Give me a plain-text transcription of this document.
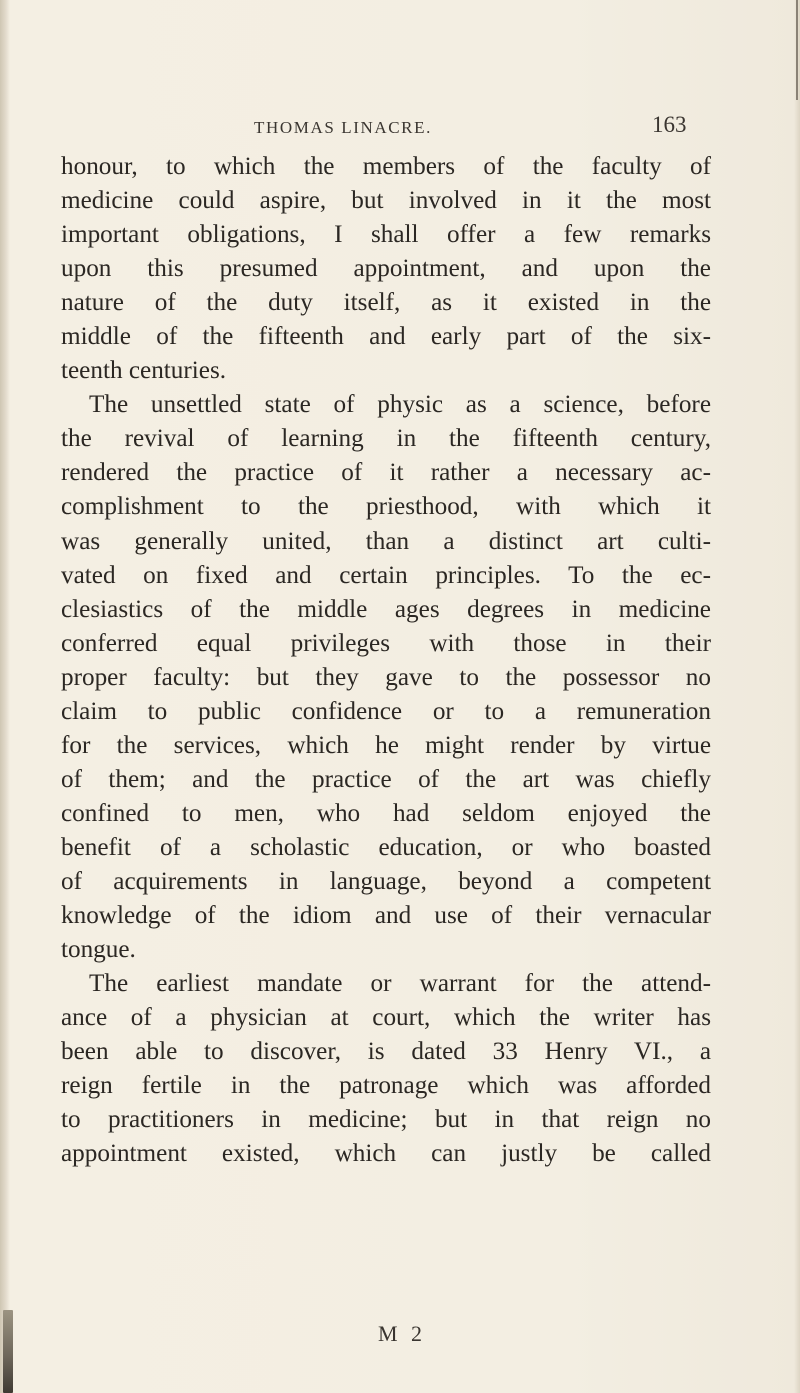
THOMAS LINACRE.	163
honour, to which the members of the faculty of
medicine could aspire, but involved in it the most
important obligations, I shall offer a few remarks
upon this presumed appointment, and upon the
nature of the duty itself, as it existed in the
middle of the fifteenth and early part of the six-
teenth centuries.
The unsettled state of physic as a science, before
the revival of learning in the fifteenth century,
rendered the practice of it rather a necessary ac-
complishment to the priesthood, with which it
was generally united, than a distinct art culti-
vated on fixed and certain principles. To the ec-
clesiastics of the middle ages degrees in medicine
conferred equal privileges with those in their
proper faculty: but they gave to the possessor no
claim to public confidence or to a remuneration
for the services, which he might render by virtue
of them; and the practice of the art was chiefly
confined to men, who had seldom enjoyed the
benefit of a scholastic education, or who boasted
of acquirements in language, beyond a competent
knowledge of the idiom and use of their vernacular
tongue.
The earliest mandate or warrant for the attend-
ance of a physician at court, which the writer has
been able to discover, is dated 33 Henry VI., a
reign fertile in the patronage which was afforded
to practitioners in medicine; but in that reign no
appointment existed, which can justly be called
M 2
